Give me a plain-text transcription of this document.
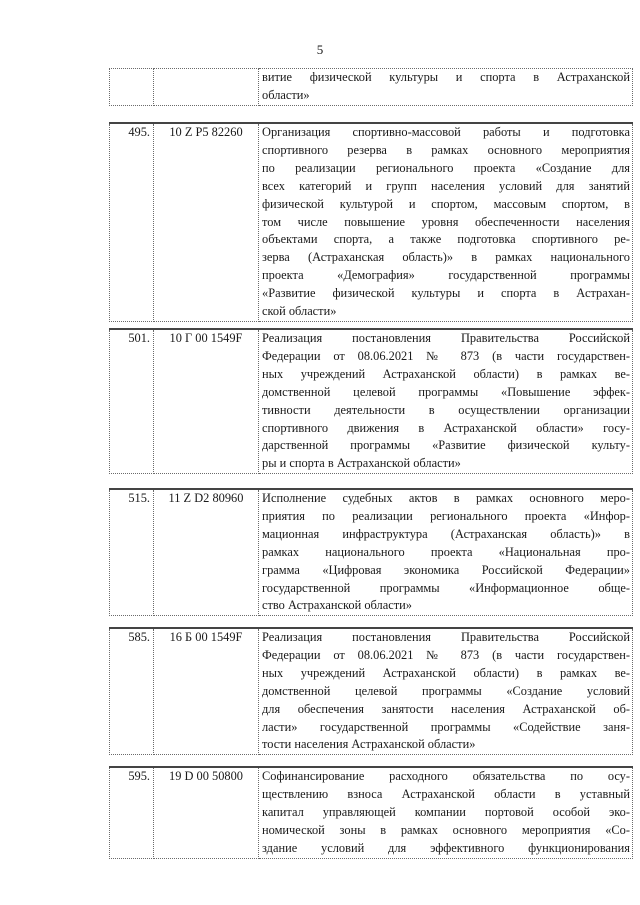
5

витие физической культуры и спорта в Астраханской
области»
495.	10 Z P5 82260	Организация спортивно-массовой работы и подготовка
спортивного резерва в рамках основного мероприятия
по реализации регионального проекта «Создание для
всех категорий и групп населения условий для занятий
физической культурой и спортом, массовым спортом, в
том числе повышение уровня обеспеченности населения
объектами спорта, а также подготовка спортивного ре-
зерва (Астраханская область)» в рамках национального
проекта «Демография» государственной программы
«Развитие физической культуры и спорта в Астрахан-
ской области»
501.	10 Г 00 1549F	Реализация постановления Правительства Российской
Федерации от 08.06.2021 № 873 (в части государствен-
ных учреждений Астраханской области) в рамках ве-
домственной целевой программы «Повышение эффек-
тивности деятельности в осуществлении организации
спортивного движения в Астраханской области» госу-
дарственной программы «Развитие физической культу-
ры и спорта в Астраханской области»
515.	11 Z D2 80960	Исполнение судебных актов в рамках основного меро-
приятия по реализации регионального проекта «Инфор-
мационная инфраструктура (Астраханская область)» в
рамках национального проекта «Национальная про-
грамма «Цифровая экономика Российской Федерации»
государственной программы «Информационное обще-
ство Астраханской области»
585.	16 Б 00 1549F	Реализация постановления Правительства Российской
Федерации от 08.06.2021 № 873 (в части государствен-
ных учреждений Астраханской области) в рамках ве-
домственной целевой программы «Создание условий
для обеспечения занятости населения Астраханской об-
ласти» государственной программы «Содействие заня-
тости населения Астраханской области»
595.	19 D 00 50800	Софинансирование расходного обязательства по осу-
ществлению взноса Астраханской области в уставный
капитал управляющей компании портовой особой эко-
номической зоны в рамках основного мероприятия «Со-
здание условий для эффективного функционирования
